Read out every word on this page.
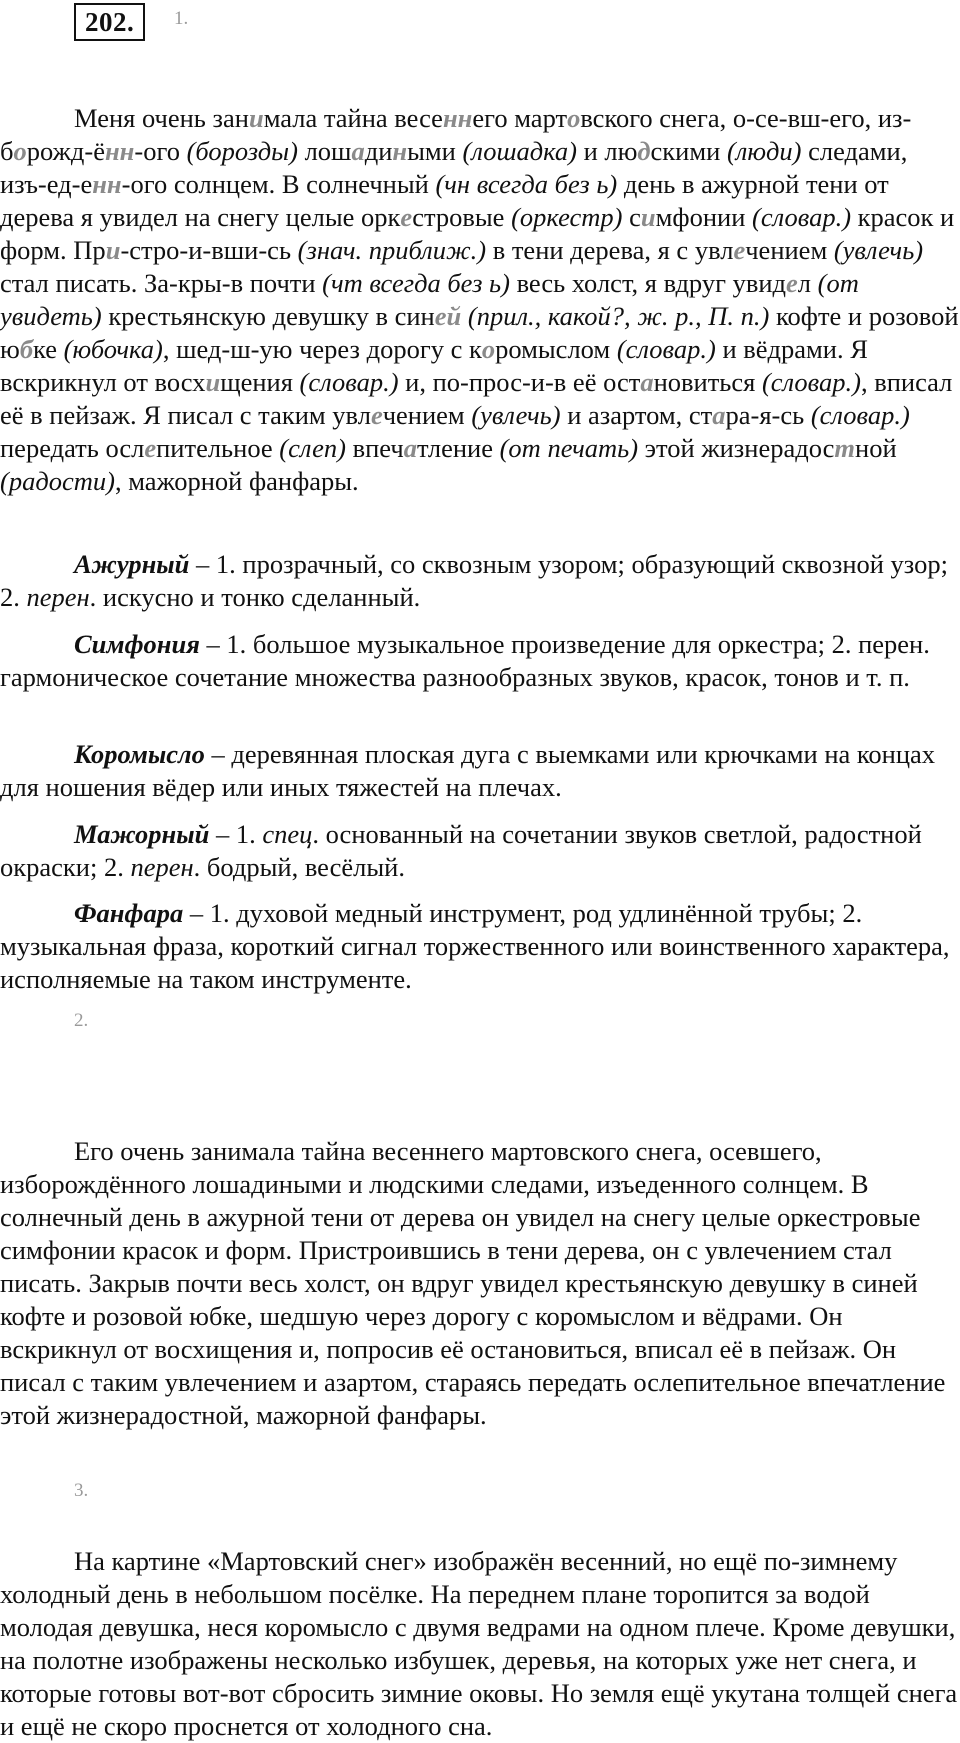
202.	1.
Меня очень занимала тайна весеннего мартовского снега, о-се-вш-его, из-борожд-ённ-ого (борозды) лошадиными (лошадка) и людскими (люди) следами, изъ-ед-енн-ого солнцем. В солнечный (чн всегда без ь) день в ажурной тени от дерева я увидел на снегу целые оркестровые (оркестр) симфонии (словар.) красок и форм. При-стро-и-вши-сь (знач. приближ.) в тени дерева, я с увлечением (увлечь) стал писать. За-кры-в почти (чт всегда без ь) весь холст, я вдруг увидел (от увидеть) крестьянскую девушку в синей (прил., какой?, ж. р., П. п.) кофте и розовой юбке (юбочка), шед-ш-ую через дорогу с коромыслом (словар.) и вёдрами. Я вскрикнул от восхищения (словар.) и, по-прос-и-в её остановиться (словар.), вписал её в пейзаж. Я писал с таким увлечением (увлечь) и азартом, стара-я-сь (словар.) передать ослепительное (слеп) впечатление (от печать) этой жизнерадостной (радости), мажорной фанфары.
Ажурный – 1. прозрачный, со сквозным узором; образующий сквозной узор; 2. перен. искусно и тонко сделанный.
Симфония – 1. большое музыкальное произведение для оркестра; 2. перен. гармоническое сочетание множества разнообразных звуков, красок, тонов и т. п.
Коромысло – деревянная плоская дуга с выемками или крючками на концах для ношения вёдер или иных тяжестей на плечах.
Мажорный – 1. спец. основанный на сочетании звуков светлой, радостной окраски; 2. перен. бодрый, весёлый.
Фанфара – 1. духовой медный инструмент, род удлинённой трубы; 2. музыкальная фраза, короткий сигнал торжественного или воинственного характера, исполняемые на таком инструменте.
2.
Его очень занимала тайна весеннего мартовского снега, осевшего, изборождённого лошадиными и людскими следами, изъеденного солнцем. В солнечный день в ажурной тени от дерева он увидел на снегу целые оркестровые симфонии красок и форм. Пристроившись в тени дерева, он с увлечением стал писать. Закрыв почти весь холст, он вдруг увидел крестьянскую девушку в синей кофте и розовой юбке, шедшую через дорогу с коромыслом и вёдрами. Он вскрикнул от восхищения и, попросив её остановиться, вписал её в пейзаж. Он писал с таким увлечением и азартом, стараясь передать ослепительное впечатление этой жизнерадостной, мажорной фанфары.
3.
На картине «Мартовский снег» изображён весенний, но ещё по-зимнему холодный день в небольшом посёлке. На переднем плане торопится за водой молодая девушка, неся коромысло с двумя ведрами на одном плече. Кроме девушки, на полотне изображены несколько избушек, деревья, на которых уже нет снега, и которые готовы вот-вот сбросить зимние оковы. Но земля ещё укутана толщей снега и ещё не скоро проснется от холодного сна.
